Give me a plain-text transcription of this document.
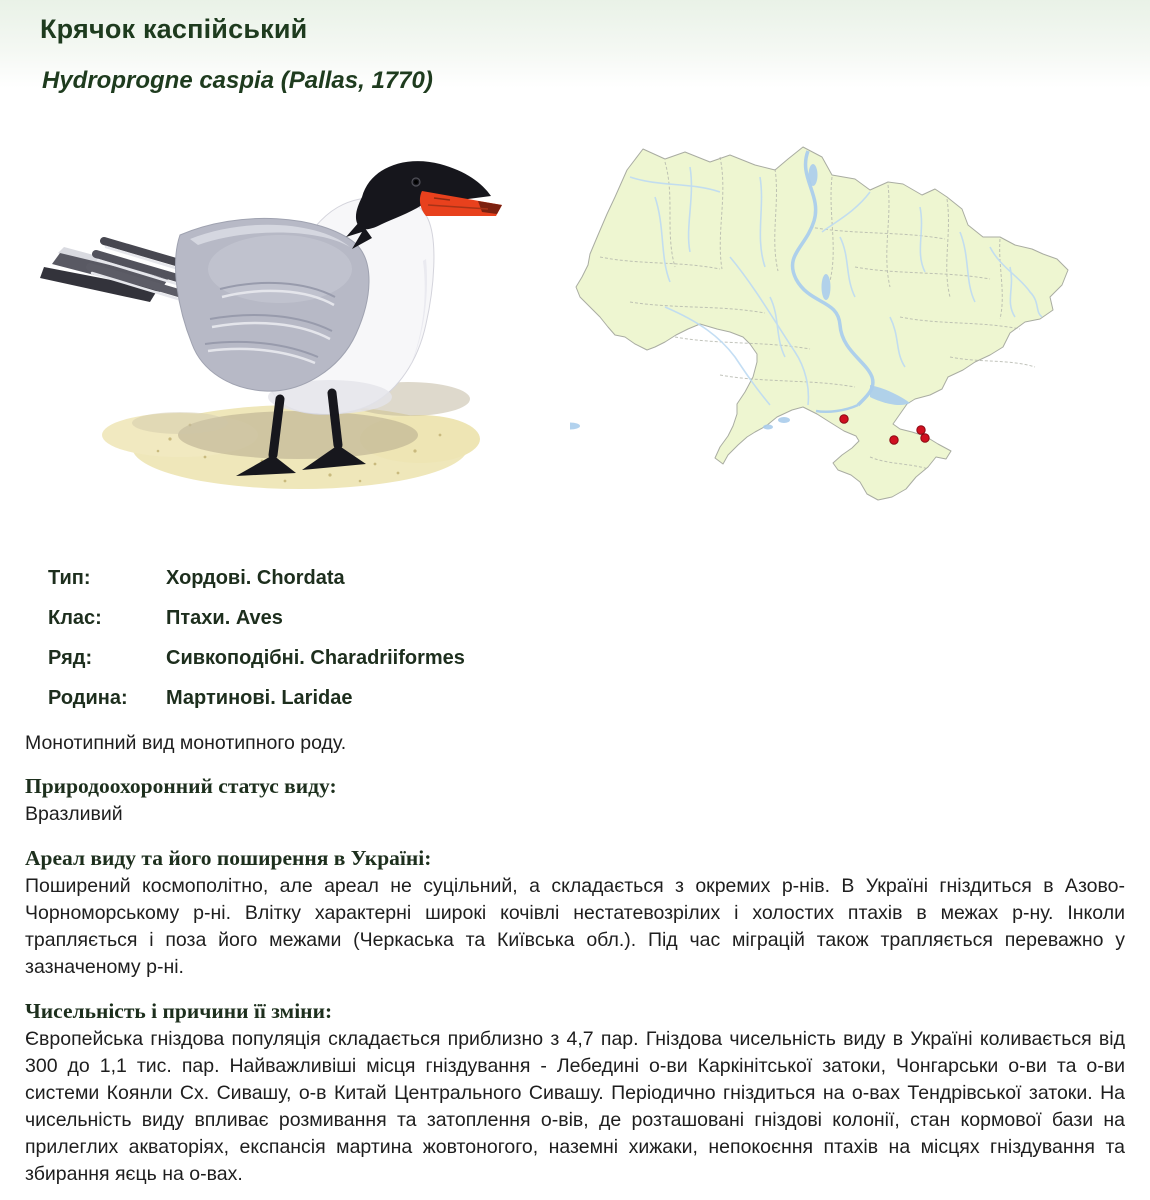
Крячок каспійський
Hydroprogne caspia (Pallas, 1770)
Тип:	Хордові. Chordata
Клас:	Птахи. Aves
Ряд:	Сивкоподібні. Charadriiformes
Родина:	Мартинові. Laridae
Монотипний вид монотипного роду.
Природоохоронний статус виду:
Вразливий
Ареал виду та його поширення в Україні:
Поширений космополітно, але ареал не суцільний, а складається з окремих р-нів. В Україні гніздиться в Азово-Чорноморському р-ні. Влітку характерні широкі кочівлі нестатевозрілих і холостих птахів в межах р-ну. Інколи трапляється і поза його межами (Черкаська та Київська обл.). Під час міграцій також трапляється переважно у зазначеному р-ні.
Чисельність і причини її зміни:
Європейська гніздова популяція складається приблизно з 4,7 пар. Гніздова чисельність виду в Україні коливається від 300 до 1,1 тис. пар. Найважливіші місця гніздування - Лебедині о-ви Каркінітської затоки, Чонгарськи о-ви та о-ви системи Коянли Сх. Сивашу, о-в Китай Центрального Сивашу. Періодично гніздиться на о-вах Тендрівської затоки. На чисельність виду впливає розмивання та затоплення о-вів, де розташовані гніздові колонії, стан кормової бази на прилеглих акваторіях, експансія мартина жовтоногого, наземні хижаки, непокоєння птахів на місцях гніздування та збирання яєць на о-вах.
